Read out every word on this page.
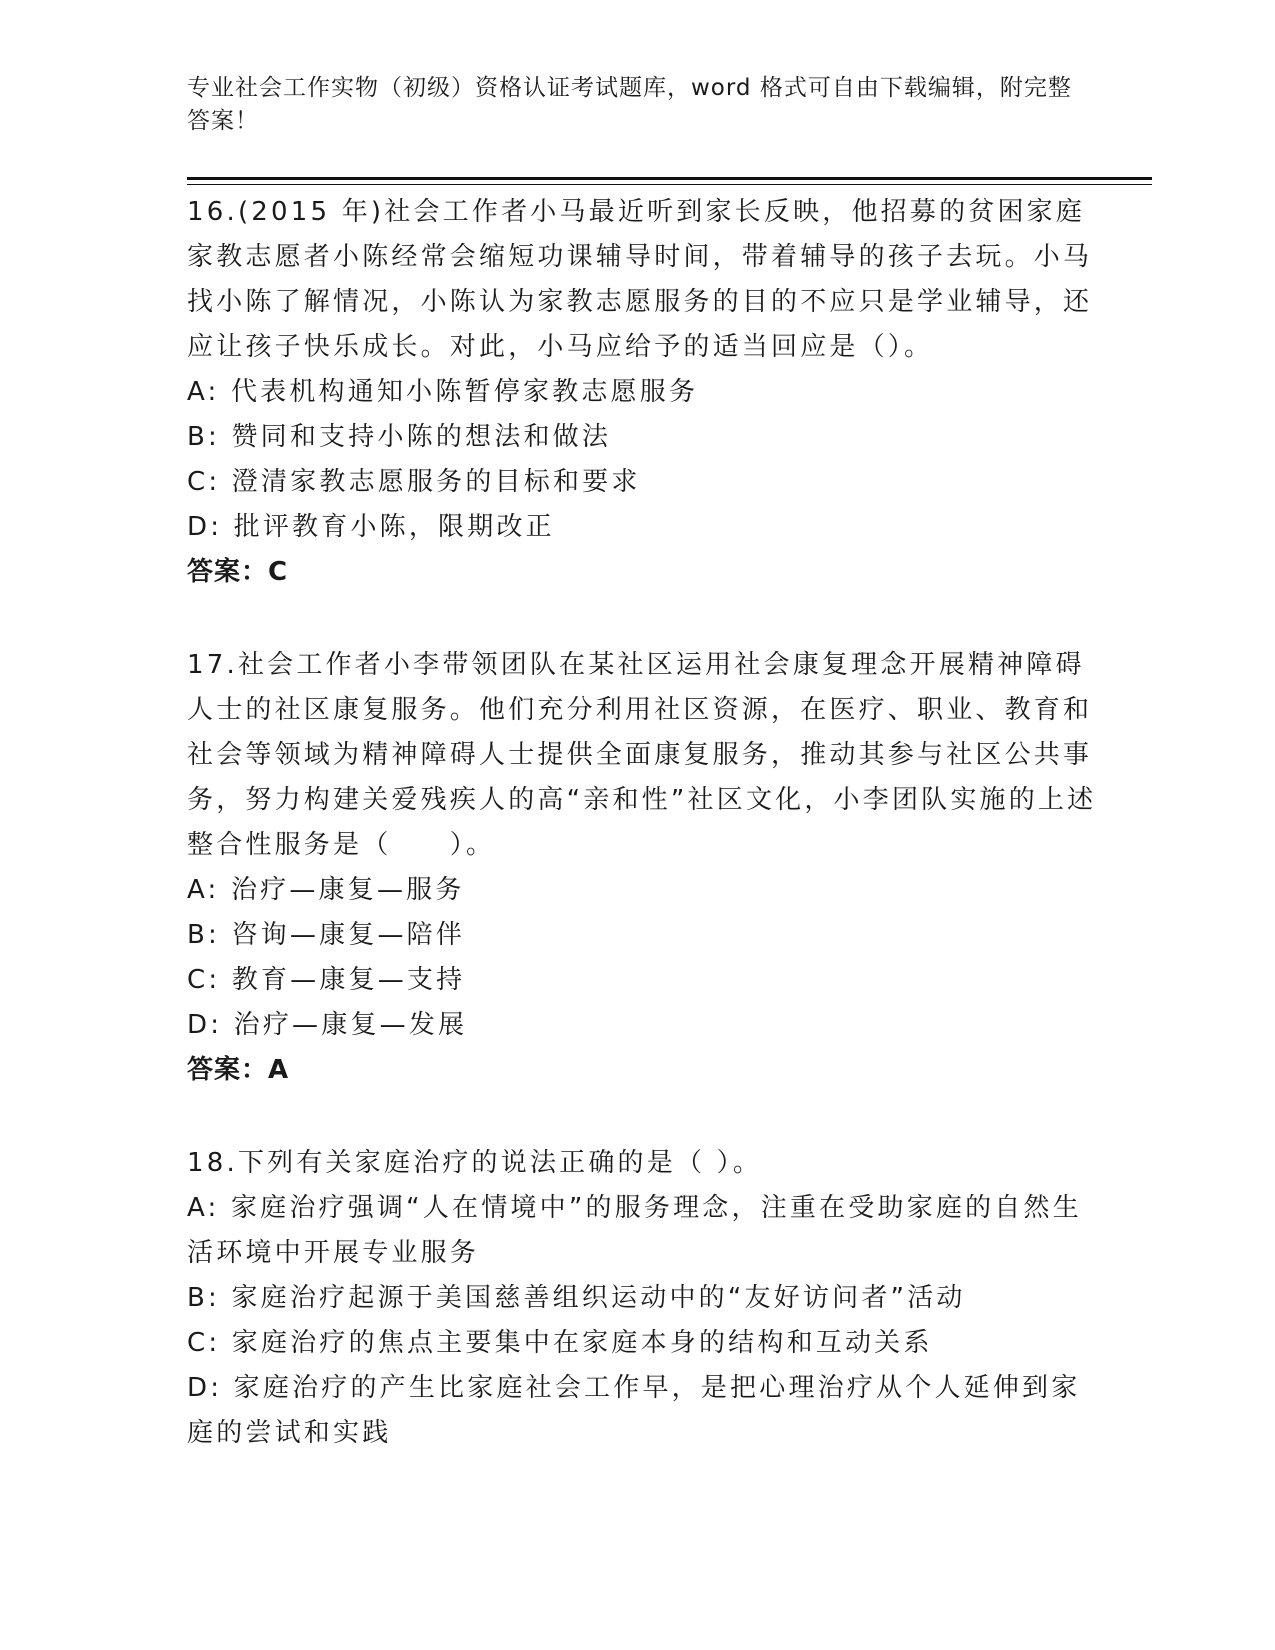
专业社会工作实物（初级）资格认证考试题库，word 格式可自由下载编辑，附完整答案！

16.(2015 年)社会工作者小马最近听到家长反映，他招募的贫困家庭家教志愿者小陈经常会缩短功课辅导时间，带着辅导的孩子去玩。小马找小陈了解情况，小陈认为家教志愿服务的目的不应只是学业辅导，还应让孩子快乐成长。对此，小马应给予的适当回应是（）。

A: 代表机构通知小陈暂停家教志愿服务

B: 赞同和支持小陈的想法和做法

C: 澄清家教志愿服务的目标和要求

D: 批评教育小陈，限期改正

答案：C

17.社会工作者小李带领团队在某社区运用社会康复理念开展精神障碍人士的社区康复服务。他们充分利用社区资源，在医疗、职业、教育和社会等领域为精神障碍人士提供全面康复服务，推动其参与社区公共事务，努力构建关爱残疾人的高“亲和性”社区文化，小李团队实施的上述整合性服务是（　　）。

A: 治疗—康复—服务

B: 咨询—康复—陪伴

C: 教育—康复—支持

D: 治疗—康复—发展

答案：A

18.下列有关家庭治疗的说法正确的是（ ）。

A: 家庭治疗强调“人在情境中”的服务理念，注重在受助家庭的自然生活环境中开展专业服务

B: 家庭治疗起源于美国慈善组织运动中的“友好访问者”活动

C: 家庭治疗的焦点主要集中在家庭本身的结构和互动关系

D: 家庭治疗的产生比家庭社会工作早，是把心理治疗从个人延伸到家庭的尝试和实践
